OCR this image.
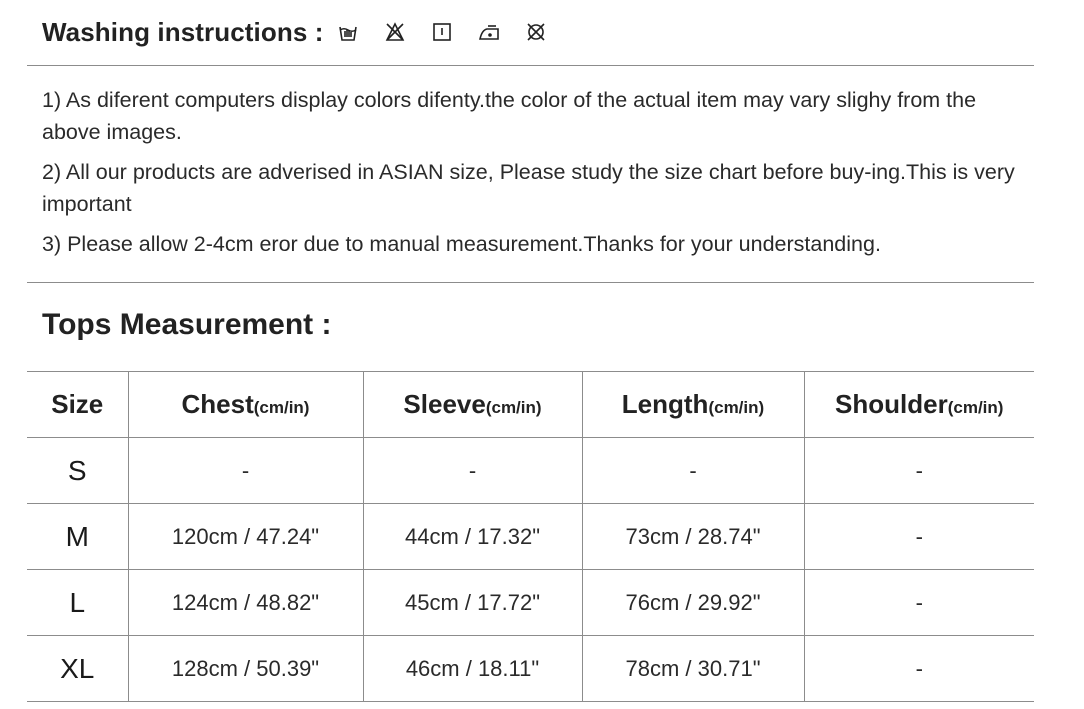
Washing instructions :

1) As diferent computers display colors difenty.the color of the actual item may vary slighy from the above images.

2) All our products are adverised in ASIAN size, Please study the size chart before buy-ing.This is very important

3) Please allow 2-4cm eror due to manual measurement.Thanks for your understanding.

Tops Measurement :
Size	Chest(cm/in)	Sleeve(cm/in)	Length(cm/in)	Shoulder(cm/in)
S	-	-	-	-
M	120cm / 47.24"	44cm / 17.32"	73cm / 28.74"	-
L	124cm / 48.82"	45cm / 17.72"	76cm / 29.92"	-
XL	128cm / 50.39"	46cm / 18.11"	78cm / 30.71"	-
